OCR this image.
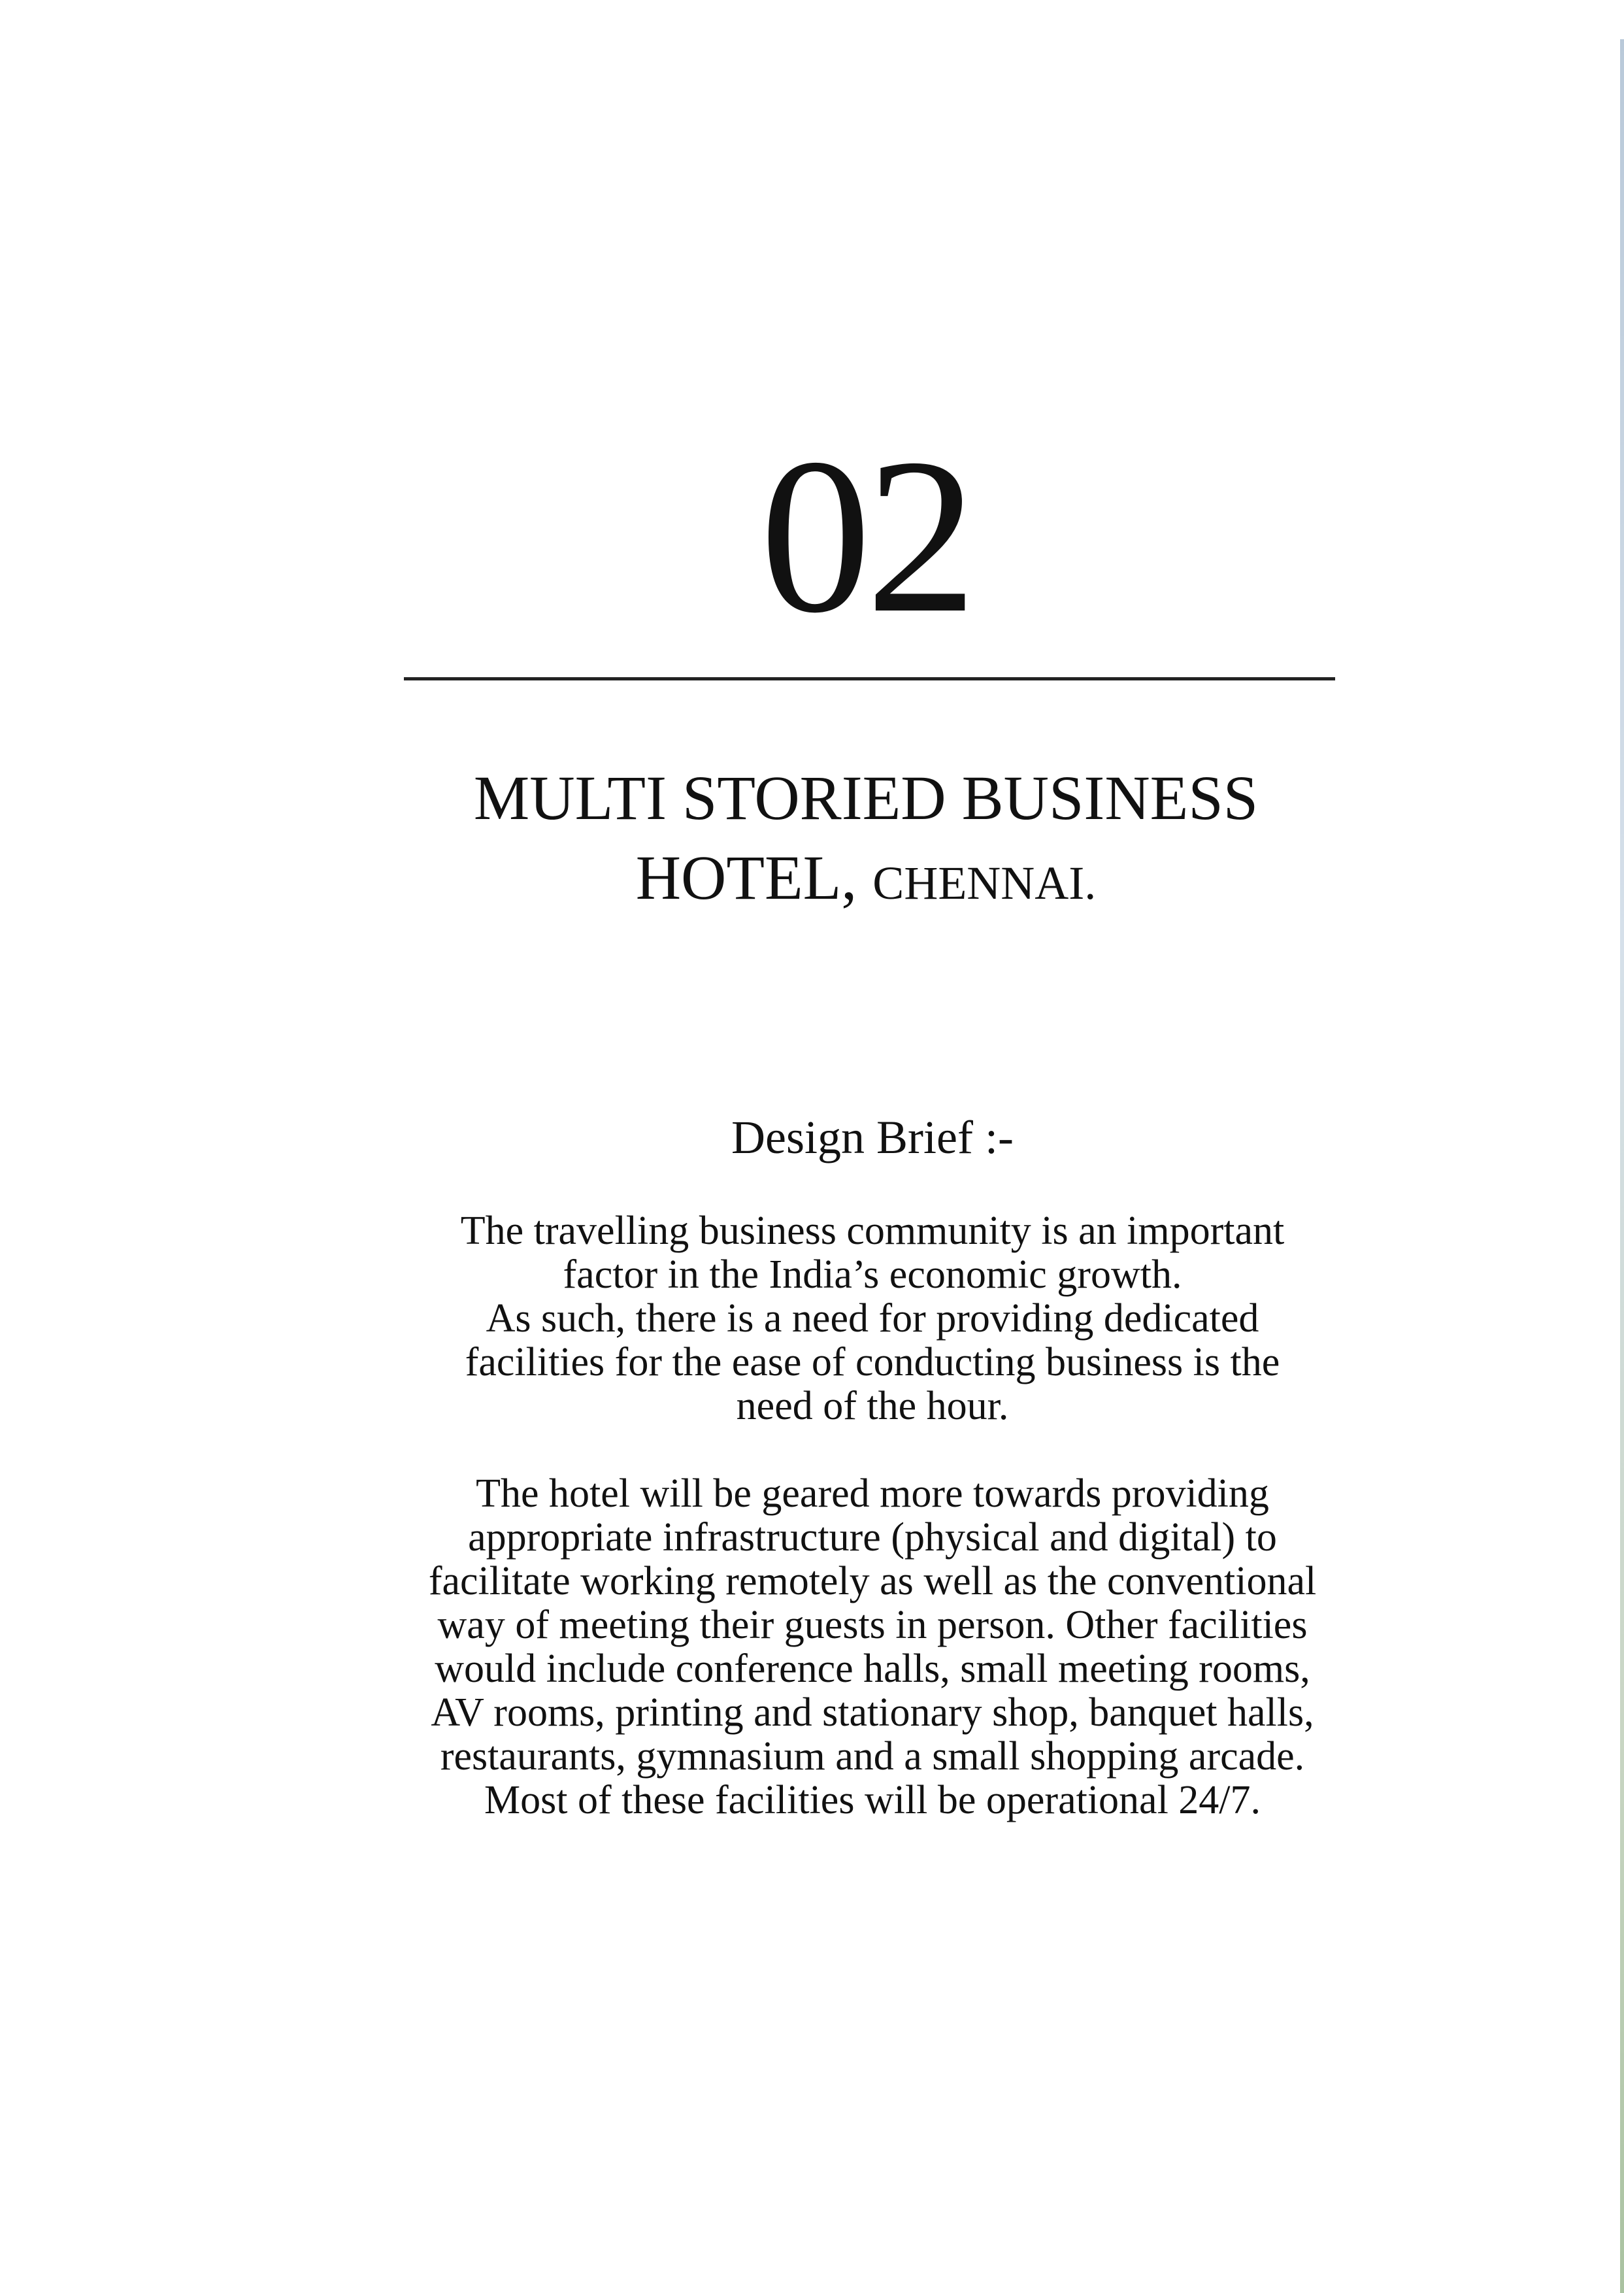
02
MULTI STORIED BUSINESS
HOTEL, CHENNAI.
Design Brief :-
The travelling business community is an important
factor in the India’s economic growth.
As such, there is a need for providing dedicated
facilities for the ease of conducting business is the
need of the hour.
The hotel will be geared more towards providing
appropriate infrastructure (physical and digital) to
facilitate working remotely as well as the conventional
way of meeting their guests in person. Other facilities
would include conference halls, small meeting rooms,
AV rooms, printing and stationary shop, banquet halls,
restaurants, gymnasium and a small shopping arcade.
Most of these facilities will be operational 24/7.
